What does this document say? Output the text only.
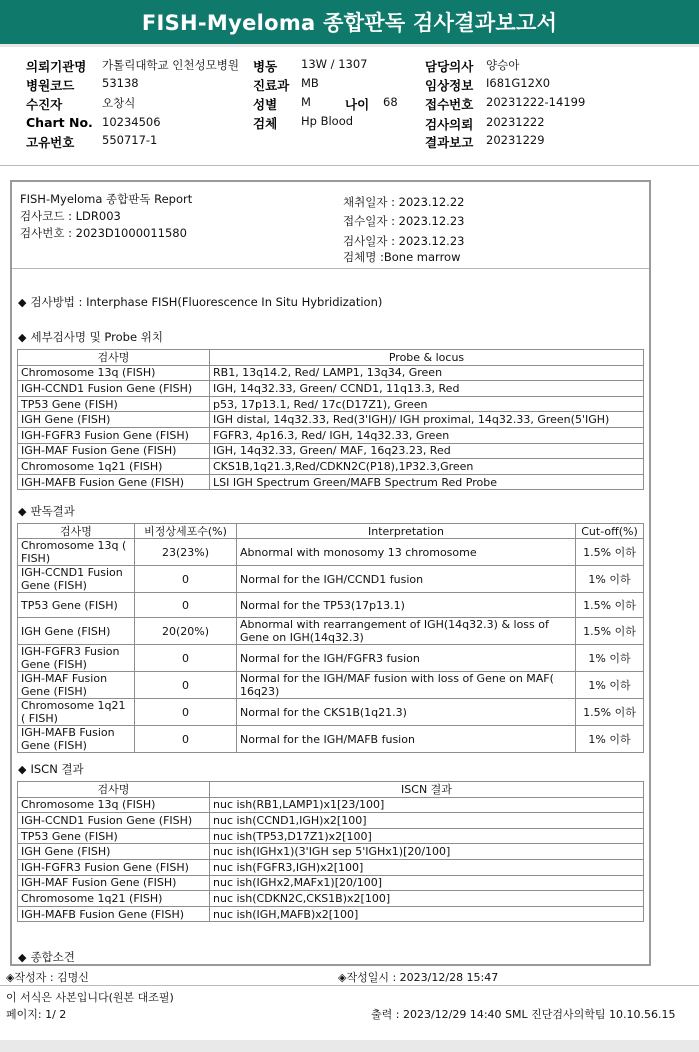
FISH-Myeloma 종합판독 검사결과보고서
의뢰기관명 가톨릭대학교 인천성모병원 병동 13W / 1307	담당의사 양승아
병원코드 53138	진료과 MB	임상정보 I681G12X0
수진자	오창식	성별 M	나이 68 접수번호 20231222-14199
Chart No. 10234506	검체 Hp Blood	검사의뢰 20231222
고유번호 550717-1	결과보고 20231229
FISH-Myeloma 종합판독 Report
검사코드 : LDR003
검사번호 : 2023D1000011580
채취일자 : 2023.12.22
접수일자 : 2023.12.23
검사일자 : 2023.12.23
검체명 :Bone marrow
◆ 검사방법 : Interphase FISH(Fluorescence In Situ Hybridization)
◆ 세부검사명 및 Probe 위치
검사명	Probe & locus
Chromosome 13q (FISH)	RB1, 13q14.2, Red/ LAMP1, 13q34, Green
IGH-CCND1 Fusion Gene (FISH)	IGH, 14q32.33, Green/ CCND1, 11q13.3, Red
TP53 Gene (FISH)	p53, 17p13.1, Red/ 17c(D17Z1), Green
IGH Gene (FISH)	IGH distal, 14q32.33, Red(3'IGH)/ IGH proximal, 14q32.33, Green(5'IGH)
IGH-FGFR3 Fusion Gene (FISH)	FGFR3, 4p16.3, Red/ IGH, 14q32.33, Green
IGH-MAF Fusion Gene (FISH)	IGH, 14q32.33, Green/ MAF, 16q23.23, Red
Chromosome 1q21 (FISH)	CKS1B,1q21.3,Red/CDKN2C(P18),1P32.3,Green
IGH-MAFB Fusion Gene (FISH)	LSI IGH Spectrum Green/MAFB Spectrum Red Probe
◆ 판독결과
검사명	비정상세포수(%)	Interpretation	Cut-off(%)
Chromosome 13q ( FISH)	23(23%)	Abnormal with monosomy 13 chromosome	1.5% 이하
IGH-CCND1 Fusion Gene (FISH)	0	Normal for the IGH/CCND1 fusion	1% 이하
TP53 Gene (FISH)	0	Normal for the TP53(17p13.1)	1.5% 이하
IGH Gene (FISH)	20(20%)	Abnormal with rearrangement of IGH(14q32.3) & loss of Gene on IGH(14q32.3)	1.5% 이하
IGH-FGFR3 Fusion Gene (FISH)	0	Normal for the IGH/FGFR3 fusion	1% 이하
IGH-MAF Fusion Gene (FISH)	0	Normal for the IGH/MAF fusion with loss of Gene on MAF( 16q23)	1% 이하
Chromosome 1q21 ( FISH)	0	Normal for the CKS1B(1q21.3)	1.5% 이하
IGH-MAFB Fusion Gene (FISH)	0	Normal for the IGH/MAFB fusion	1% 이하
◆ ISCN 결과
검사명	ISCN 결과
Chromosome 13q (FISH)	nuc ish(RB1,LAMP1)x1[23/100]
IGH-CCND1 Fusion Gene (FISH)	nuc ish(CCND1,IGH)x2[100]
TP53 Gene (FISH)	nuc ish(TP53,D17Z1)x2[100]
IGH Gene (FISH)	nuc ish(IGHx1)(3'IGH sep 5'IGHx1)[20/100]
IGH-FGFR3 Fusion Gene (FISH)	nuc ish(FGFR3,IGH)x2[100]
IGH-MAF Fusion Gene (FISH)	nuc ish(IGHx2,MAFx1)[20/100]
Chromosome 1q21 (FISH)	nuc ish(CDKN2C,CKS1B)x2[100]
IGH-MAFB Fusion Gene (FISH)	nuc ish(IGH,MAFB)x2[100]
◆ 종합소견
◈작성자 : 김명신	◈작성일시 : 2023/12/28 15:47
이 서식은 사본입니다(원본 대조필)
페이지: 1/ 2	출력 : 2023/12/29 14:40 SML 진단검사의학팀 10.10.56.15
